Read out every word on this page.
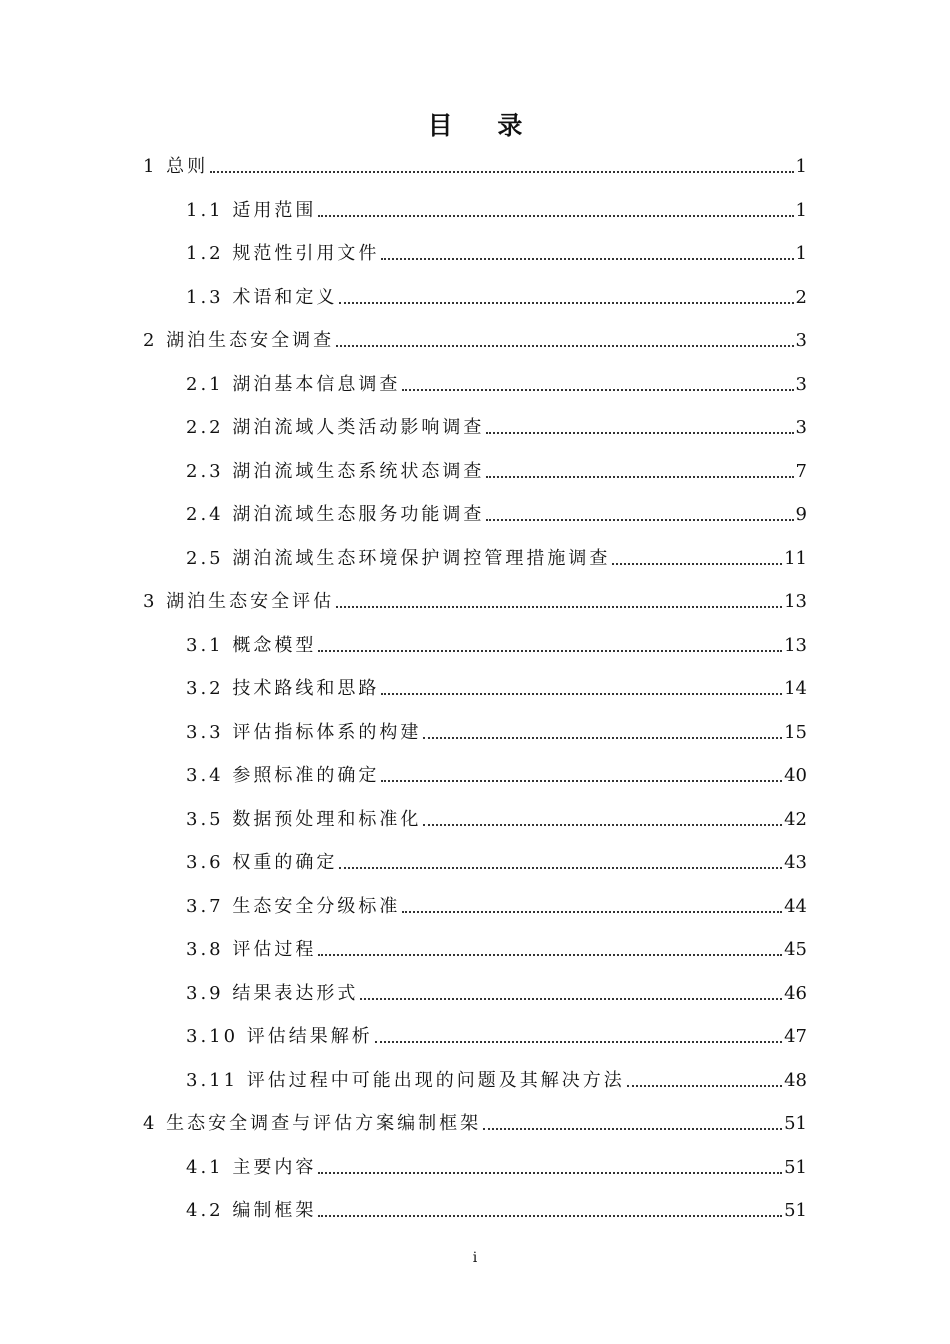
目 录
1 总则	1
1.1 适用范围	1
1.2 规范性引用文件	1
1.3 术语和定义	2
2 湖泊生态安全调查	3
2.1 湖泊基本信息调查	3
2.2 湖泊流域人类活动影响调查	3
2.3 湖泊流域生态系统状态调查	7
2.4 湖泊流域生态服务功能调查	9
2.5 湖泊流域生态环境保护调控管理措施调查	11
3 湖泊生态安全评估	13
3.1 概念模型	13
3.2 技术路线和思路	14
3.3 评估指标体系的构建	15
3.4 参照标准的确定	40
3.5 数据预处理和标准化	42
3.6 权重的确定	43
3.7 生态安全分级标准	44
3.8 评估过程	45
3.9 结果表达形式	46
3.10 评估结果解析	47
3.11 评估过程中可能出现的问题及其解决方法	48
4 生态安全调查与评估方案编制框架	51
4.1 主要内容	51
4.2 编制框架	51
i
